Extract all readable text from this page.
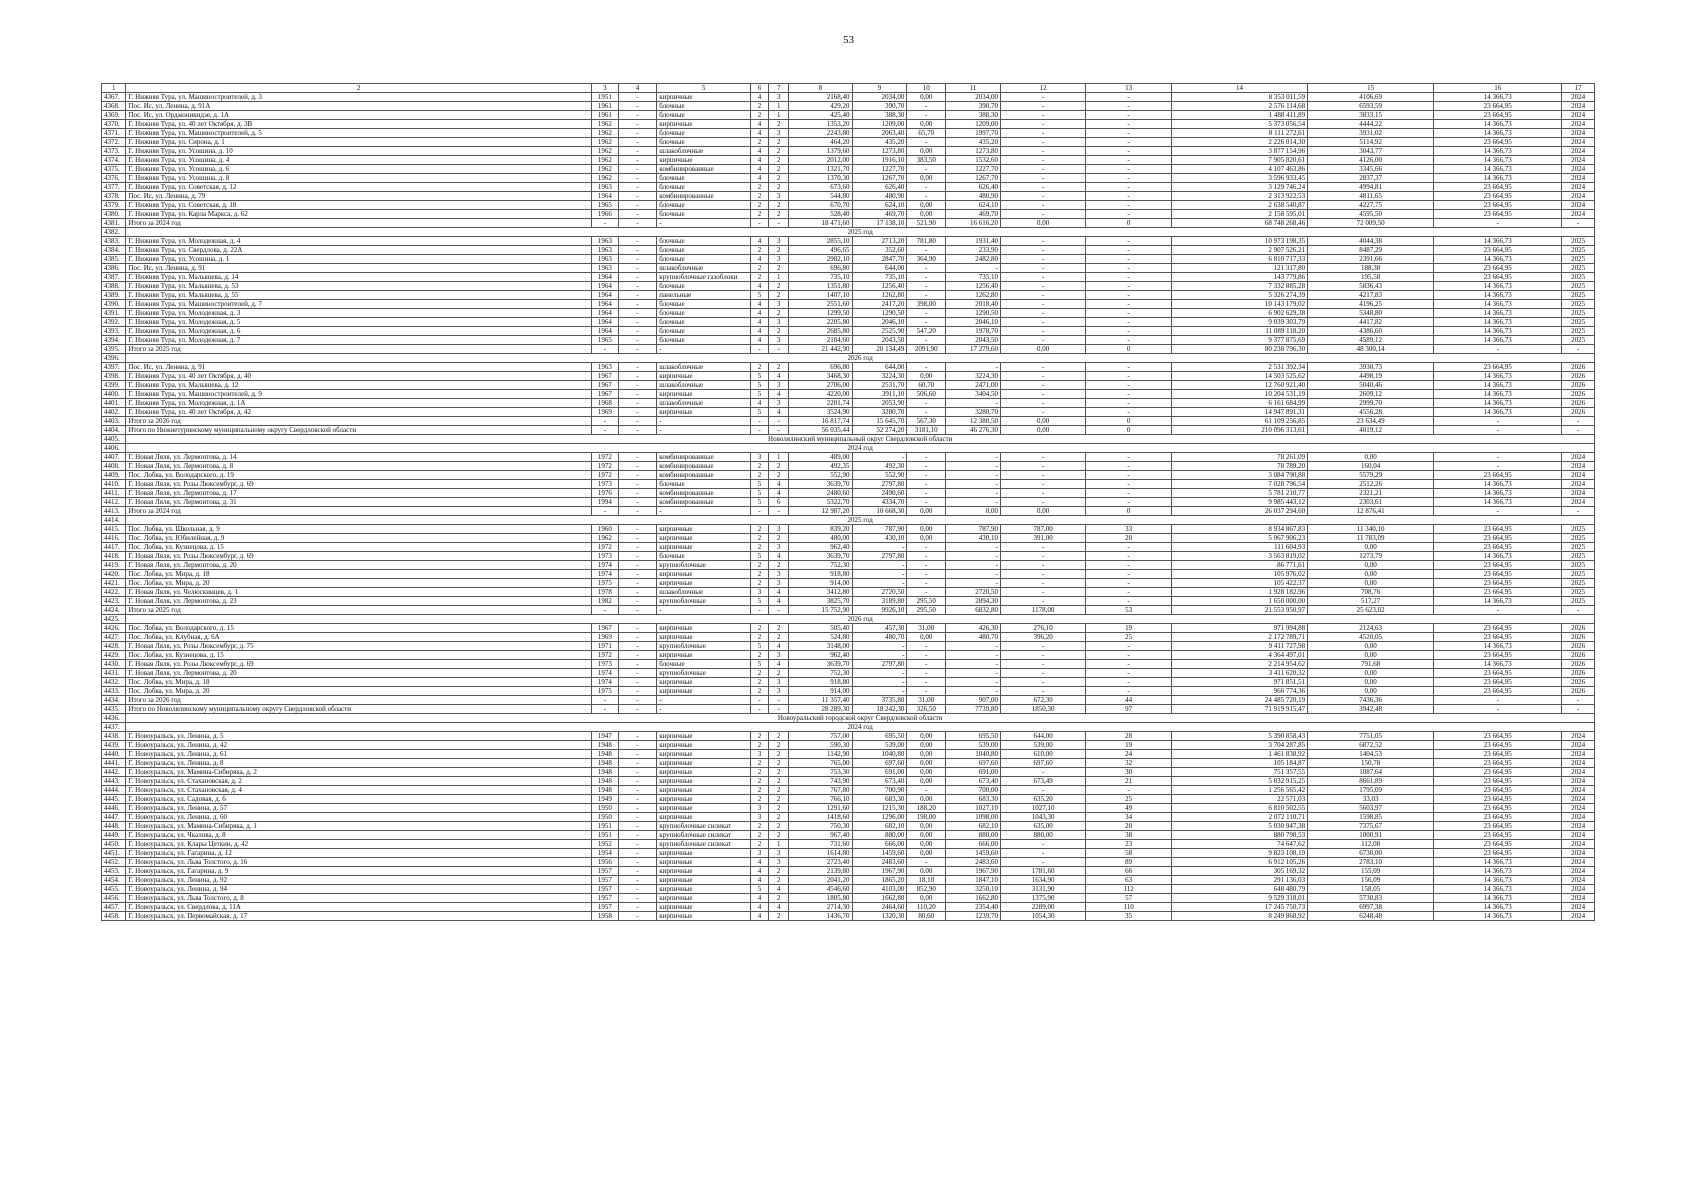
53
1	2	3	4	5	6	7	8	9	10	11	12	13	14	15	16	17
4367.	Г. Нижняя Тура, ул. Машиностроителей, д. 3	1951	-	кирпичные	4	3	2168,40	2034,00	0,00	2034,00	-	-	8 353 011,59	4106,69	14 366,73	2024
4368.	Пос. Ис, ул. Ленина, д. 91А	1961	-	блочные	2	1	429,20	390,70	-	390,70	-	-	2 576 114,68	6593,59	23 664,95	2024
4369.	Пос. Ис, ул. Орджоникидзе, д. 1А	1961	-	блочные	2	1	425,40	388,30	-	388,30	-	-	1 488 411,89	3833,15	23 664,95	2024
4370.	Г. Нижняя Тура, ул. 40 лет Октября, д. 3В	1962	-	кирпичные	4	2	1353,20	1209,00	0,00	1209,00	-	-	5 373 056,54	4444,22	14 366,73	2024
4371.	Г. Нижняя Тура, ул. Машиностроителей, д. 5	1962	-	блочные	4	3	2243,80	2063,40	65,70	1997,70	-	-	8 111 272,61	3931,02	14 366,73	2024
4372.	Г. Нижняя Тура, ул. Сирона, д. 1	1962	-	блочные	2	2	464,20	435,20	-	435,20	-	-	2 226 014,30	5114,92	23 664,95	2024
4373.	Г. Нижняя Тура, ул. Усошина, д. 10	1962	-	шлакоблочные	4	2	1379,60	1273,80	0,00	1273,80	-	-	3 877 154,96	3043,77	14 366,73	2024
4374.	Г. Нижняя Тура, ул. Усошина, д. 4	1962	-	кирпичные	4	2	2012,00	1916,10	383,50	1532,60	-	-	7 905 820,61	4126,00	14 366,73	2024
4375.	Г. Нижняя Тура, ул. Усошина, д. 6	1962	-	комбинированные	4	2	1321,70	1227,70	-	1227,70	-	-	4 107 463,86	3345,66	14 366,73	2024
4376.	Г. Нижняя Тура, ул. Усошина, д. 8	1962	-	блочные	4	2	1370,30	1267,70	0,00	1267,70	-	-	3 596 933,45	2837,37	14 366,73	2024
4377.	Г. Нижняя Тура, ул. Советская, д. 12	1963	-	блочные	2	2	673,60	626,40	-	626,40	-	-	3 129 746,24	4994,81	23 664,95	2024
4378.	Пос. Ис, ул. Ленина, д. 79	1964	-	комбинированные	2	3	544,80	480,90	-	480,90	-	-	2 313 922,53	4811,65	23 664,95	2024
4379.	Г. Нижняя Тура, ул. Советская, д. 18	1965	-	блочные	2	2	670,70	624,10	0,00	624,10	-	-	2 638 540,87	4227,75	23 664,95	2024
4380.	Г. Нижняя Тура, ул. Карла Маркса, д. 62	1966	-	блочные	2	2	528,40	469,70	0,00	469,70	-	-	2 158 595,01	4595,50	23 664,95	2024
4381.	Итого за 2024 год	-	-	-	-	-	18 471,60	17 138,10	521,90	16 616,20	0,00	0	68 748 268,46	72 009,50	-	-
4382.	2025 год															
4383.	Г. Нижняя Тура, ул. Молодежная, д. 4	1963	-	блочные	4	3	2855,10	2713,20	781,80	1931,40	-	-	10 973 198,35	4044,38	14 366,73	2025
4384.	Г. Нижняя Тура, ул. Свердлова, д. 22А	1963	-	блочные	2	2	496,65	352,60	-	233,90	-	-	2 907 526,21	8487,29	23 664,95	2025
4385.	Г. Нижняя Тура, ул. Усошина, д. 1	1963	-	блочные	4	3	2982,10	2847,70	364,90	2482,80	-	-	6 810 717,33	2391,66	14 366,73	2025
4386.	Пос. Ис, ул. Ленина, д. 91	1963	-	шлакоблочные	2	2	696,80	644,00	-	-	-	-	121 317,80	188,38	23 664,95	2025
4387.	Г. Нижняя Тура, ул. Малышева, д. 14	1964	-	крупноблочные газоблоки	2	1	735,10	735,10	-	735,10	-	-	143 779,86	195,58	23 664,95	2025
4388.	Г. Нижняя Тура, ул. Малышева, д. 53	1964	-	блочные	4	2	1351,80	1256,40	-	1256,40	-	-	7 332 885,28	5836,43	14 366,73	2025
4389.	Г. Нижняя Тура, ул. Малышева, д. 55	1964	-	панельные	5	2	1407,10	1262,80	-	1262,80	-	-	5 326 274,39	4217,83	14 366,73	2025
4390.	Г. Нижняя Тура, ул. Машиностроителей, д. 7	1964	-	блочные	4	3	2551,60	2417,20	398,00	2018,40	-	-	10 143 179,02	4196,25	14 366,73	2025
4391.	Г. Нижняя Тура, ул. Молодежная, д. 3	1964	-	блочные	4	2	1299,50	1290,50	-	1290,50	-	-	6 902 629,38	5348,80	14 366,73	2025
4392.	Г. Нижняя Тура, ул. Молодежная, д. 5	1964	-	блочные	4	3	2205,80	2046,10	-	2046,10	-	-	9 039 303,79	4417,82	14 366,73	2025
4393.	Г. Нижняя Тура, ул. Молодежная, д. 6	1964	-	блочные	4	2	2685,80	2525,90	547,20	1978,70	-	-	11 089 118,20	4386,60	14 366,73	2025
4394.	Г. Нижняя Тура, ул. Молодежная, д. 7	1965	-	блочные	4	3	2184,60	2043,50	-	2043,50	-	-	9 377 875,69	4589,12	14 366,73	2025
4395.	Итого за 2025 год	-	-	-	-	-	21 442,90	20 134,49	2091,90	17 279,60	0,00	0	80 238 796,30	48 300,14	-	-
4396.	2026 год															
4397.	Пос. Ис, ул. Ленина, д. 91	1963	-	шлакоблочные	2	2	696,80	644,00	-	-	-	-	2 531 392,34	3930,73	23 664,95	2026
4398.	Г. Нижняя Тура, ул. 40 лет Октября, д. 40	1967	-	кирпичные	5	4	3468,30	3224,30	0,00	3224,30	-	-	14 503 525,62	4498,19	14 366,73	2026
4399.	Г. Нижняя Тура, ул. Малышева, д. 12	1967	-	шлакоблочные	5	3	2706,00	2531,70	60,70	2471,00	-	-	12 760 921,40	5040,46	14 366,73	2026
4400.	Г. Нижняя Тура, ул. Машиностроителей, д. 9	1967	-	кирпичные	5	4	4220,00	3911,10	506,60	3404,50	-	-	10 204 531,19	2609,12	14 366,73	2026
4401.	Г. Нижняя Тура, ул. Молодежная, д. 1А	1968	-	шлакоблочные	4	3	2201,74	2053,90	-	-	-	-	6 161 684,99	2999,70	14 366,73	2026
4402.	Г. Нижняя Тура, ул. 40 лет Октября, д. 42	1969	-	кирпичные	5	4	3524,90	3280,70	-	3280,70	-	-	14 947 891,31	4556,28	14 366,73	2026
4403.	Итого за 2026 год	-	-	-	-	-	16 817,74	15 645,70	567,30	12 380,50	0,00	0	61 109 256,85	23 634,49	-	-
4404.	Итого по Нижнетуринскому муниципальному округу Свердловской области	-	-	-	-	-	56 035,44	52 274,20	3181,10	46 276,30	0,00	0	210 096 313,61	4019,12	-	-
4405.	Новолялинский муниципальный округ Свердловской области															
4406.	2024 год															
4407.	Г. Новая Ляля, ул. Лермонтова, д. 14	1972	-	комбинированные	3	1	489,00	-	-	-	-	-	78 261,09	0,00	-	2024
4408.	Г. Новая Ляля, ул. Лермонтова, д. 8	1972	-	комбинированные	2	2	492,35	492,30	-	-	-	-	78 789,20	160,04	-	2024
4409.	Пос. Лобва, ул. Володарского, д. 19	1972	-	комбинированные	2	2	552,90	552,90	-	-	-	-	3 084 790,88	5579,29	23 664,95	2024
4410.	Г. Новая Ляля, ул. Розы Люксембург, д. 69	1973	-	блочные	5	4	3639,70	2797,80	-	-	-	-	7 028 796,54	2512,26	14 366,73	2024
4411.	Г. Новая Ляля, ул. Лермонтова, д. 17	1976	-	комбинированные	5	4	2480,60	2490,60	-	-	-	-	5 781 210,77	2321,21	14 366,73	2024
4412.	Г. Новая Ляля, ул. Лермонтова, д. 31	1994	-	комбинированные	5	6	5322,70	4334,70	-	-	-	-	9 985 443,12	2303,61	14 366,73	2024
4413.	Итого за 2024 год	-	-	-	-	-	12 987,20	10 668,30	0,00	0,00	0,00	0	26 037 294,60	12 876,41	-	-
4414.	2025 год															
4415.	Пос. Лобва, ул. Школьная, д. 9	1960	-	кирпичные	2	3	839,20	787,90	0,00	787,90	787,00	33	8 934 867,83	11 340,10	23 664,95	2025
4416.	Пос. Лобва, ул. Юбилейная, д. 9	1962	-	кирпичные	2	2	480,00	430,10	0,00	430,10	391,00	20	5 067 906,23	11 783,09	23 664,95	2025
4417.	Пос. Лобва, ул. Кузнецова, д. 15	1972	-	кирпичные	2	3	962,40	-	-	-	-	-	111 604,93	0,00	23 664,95	2025
4418.	Г. Новая Ляля, ул. Розы Люксембург, д. 69	1973	-	блочные	5	4	3639,70	2797,80	-	-	-	-	3 563 819,02	1273,79	14 366,73	2025
4419.	Г. Новая Ляля, ул. Лермонтова, д. 20	1974	-	крупноблочные	2	2	752,30	-	-	-	-	-	86 771,61	0,00	23 664,95	2025
4420.	Пос. Лобва, ул. Мира, д. 18	1974	-	кирпичные	2	3	918,80	-	-	-	-	-	105 976,02	0,00	23 664,95	2025
4421.	Пос. Лобва, ул. Мира, д. 20	1975	-	кирпичные	2	3	914,00	-	-	-	-	-	105 422,37	0,00	23 664,95	2025
4422.	Г. Новая Ляля, ул. Челюскинцев, д. 1	1978	-	шлакоблочные	3	4	3412,80	2720,50	-	2720,50	-	-	1 928 182,96	708,76	23 664,95	2025
4423.	Г. Новая Ляля, ул. Лермонтова, д. 23	1982	-	крупноблочные	5	4	3825,70	3189,80	295,50	2894,30	-	-	1 650 000,00	517,27	14 366,73	2025
4424.	Итого за 2025 год	-	-	-	-	-	15 752,90	9926,10	295,50	6832,80	1178,00	53	21 553 950,97	25 623,02	-	-
4425.	2026 год															
4426.	Пос. Лобва, ул. Володарского, д. 15	1967	-	кирпичные	2	2	505,40	457,30	31,00	426,30	276,10	19	971 994,88	2124,63	23 664,95	2026
4427.	Пос. Лобва, ул. Клубная, д. 6А	1969	-	кирпичные	2	2	524,80	480,70	0,00	480,70	396,20	25	2 172 789,71	4520,05	23 664,95	2026
4428.	Г. Новая Ляля, ул. Розы Люксембург, д. 75	1971	-	крупноблочные	5	4	3148,00	-	-	-	-	-	9 411 727,98	0,00	14 366,73	2026
4429.	Пос. Лобва, ул. Кузнецова, д. 15	1972	-	кирпичные	2	3	962,40	-	-	-	-	-	4 364 497,01	0,00	23 664,95	2026
4430.	Г. Новая Ляля, ул. Розы Люксембург, д. 69	1973	-	блочные	5	4	3639,70	2797,80	-	-	-	-	2 214 954,62	791,68	14 366,73	2026
4431.	Г. Новая Ляля, ул. Лермонтова, д. 20	1974	-	крупноблочные	2	2	752,30	-	-	-	-	-	3 411 620,32	0,00	23 664,95	2026
4432.	Пос. Лобва, ул. Мира, д. 18	1974	-	кирпичные	2	3	918,80	-	-	-	-	-	971 851,51	0,00	23 664,95	2026
4433.	Пос. Лобва, ул. Мира, д. 20	1975	-	кирпичные	2	3	914,00	-	-	-	-	-	966 774,36	0,00	23 664,95	2026
4434.	Итого за 2026 год	-	-	-	-	-	11 357,40	3735,80	31,00	907,00	672,30	44	24 485 720,19	7436,36	-	-
4435.	Итого по Новолялинскому муниципальному округу Свердловской области	-	-	-	-	-	28 289,30	18 242,30	326,50	7739,80	1850,30	97	71 919 915,47	3942,48	-	-
4436.	Новоуральский городской округ Свердловской области															
4437.	2024 год															
4438.	Г. Новоуральск, ул. Ленина, д. 5	1947	-	кирпичные	2	2	757,00	695,50	0,00	695,50	644,00	28	5 390 858,43	7751,05	23 664,95	2024
4439.	Г. Новоуральск, ул. Ленина, д. 42	1948	-	кирпичные	2	2	590,30	539,00	0,00	539,00	539,00	19	3 704 287,85	6872,52	23 664,95	2024
4440.	Г. Новоуральск, ул. Ленина, д. 61	1948	-	кирпичные	3	2	1142,90	1040,80	0,00	1040,80	610,00	24	1 461 838,92	1404,53	23 664,95	2024
4441.	Г. Новоуральск, ул. Ленина, д. 8	1948	-	кирпичные	2	2	765,00	697,60	0,00	697,60	697,60	32	105 184,87	150,78	23 664,95	2024
4442.	Г. Новоуральск, ул. Мамина-Сибиряка, д. 2	1948	-	кирпичные	2	2	753,30	691,00	0,00	691,00	-	30	751 357,55	1087,64	23 664,95	2024
4443.	Г. Новоуральск, ул. Стахановская, д. 2	1948	-	кирпичные	2	2	743,90	673,40	0,00	673,40	673,49	21	5 832 915,25	8661,89	23 664,95	2024
4444.	Г. Новоуральск, ул. Стахановская, д. 4	1948	-	кирпичные	2	2	767,80	700,90	-	700,00	-	-	1 256 565,42	1795,09	23 664,95	2024
4445.	Г. Новоуральск, ул. Садовая, д. 6	1949	-	кирпичные	2	2	766,10	683,30	0,00	683,30	635,20	25	22 571,03	33,03	23 664,95	2024
4446.	Г. Новоуральск, ул. Ленина, д. 57	1950	-	кирпичные	3	2	1291,60	1215,30	188,20	1027,10	1027,10	49	6 810 502,55	5603,97	23 664,95	2024
4447.	Г. Новоуральск, ул. Ленина, д. 60	1950	-	кирпичные	3	2	1418,60	1296,00	198,00	1098,00	1043,30	34	2 072 110,71	1598,85	23 664,95	2024
4448.	Г. Новоуральск, ул. Мамина-Сибиряка, д. 1	1951	-	крупноблочные силикат	2	2	750,30	682,10	0,00	682,10	635,00	20	5 030 947,38	7375,67	23 664,95	2024
4449.	Г. Новоуральск, ул. Чкалова, д. 8	1951	-	крупноблочные силикат	2	2	967,40	880,00	0,00	880,00	880,00	38	880 798,53	1000,91	23 664,95	2024
4450.	Г. Новоуральск, ул. Клары Цеткин, д. 42	1952	-	крупноблочные силикат	2	1	731,60	666,00	0,00	666,00	-	23	74 647,62	112,08	23 664,95	2024
4451.	Г. Новоуральск, ул. Гагарина, д. 12	1954	-	кирпичные	3	3	1614,80	1459,60	0,00	1459,60	-	58	9 823 108,19	6730,00	23 664,95	2024
4452.	Г. Новоуральск, ул. Льва Толстого, д. 16	1956	-	кирпичные	4	3	2723,40	2483,60	-	2483,60	-	89	6 912 105,26	2783,10	14 366,73	2024
4453.	Г. Новоуральск, ул. Гагарина, д. 9	1957	-	кирпичные	4	2	2139,80	1967,90	0,00	1967,90	1781,60	66	305 169,32	155,09	14 366,73	2024
4454.	Г. Новоуральск, ул. Ленина, д. 92	1957	-	кирпичные	4	2	2041,20	1865,20	18,10	1847,10	1634,90	63	291 136,03	156,09	14 366,73	2024
4455.	Г. Новоуральск, ул. Ленина, д. 94	1957	-	кирпичные	5	4	4546,60	4103,00	852,90	3250,10	3131,90	112	648 480,79	158,05	14 366,73	2024
4456.	Г. Новоуральск, ул. Льва Толстого, д. 8	1957	-	кирпичные	4	2	1805,80	1662,80	0,00	1662,80	1375,90	57	9 529 318,01	5730,83	14 366,73	2024
4457.	Г. Новоуральск, ул. Свердлова, д. 11А	1957	-	кирпичные	4	4	2714,30	2464,60	110,20	2354,40	2289,00	110	17 245 750,73	6997,38	14 366,73	2024
4458.	Г. Новоуральск, ул. Первомайская, д. 17	1958	-	кирпичные	4	2	1436,70	1320,30	80,60	1239,70	1054,30	35	8 249 868,92	6248,48	14 366,73	2024
